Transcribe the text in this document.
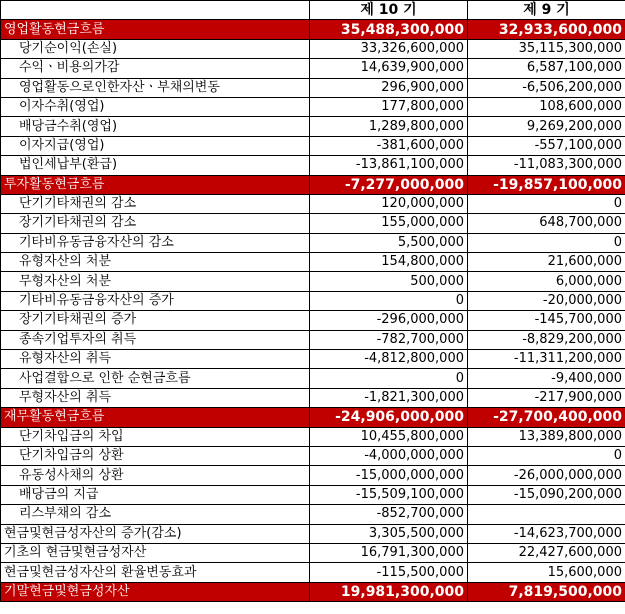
	제 10 기	제 9 기
영업활동현금흐름	35,488,300,000	32,933,600,000
당기순이익(손실)	33,326,600,000	35,115,300,000
수익ㆍ비용의가감	14,639,900,000	6,587,100,000
영업활동으로인한자산ㆍ부채의변동	296,900,000	-6,506,200,000
이자수취(영업)	177,800,000	108,600,000
배당금수취(영업)	1,289,800,000	9,269,200,000
이자지급(영업)	-381,600,000	-557,100,000
법인세납부(환급)	-13,861,100,000	-11,083,300,000
투자활동현금흐름	-7,277,000,000	-19,857,100,000
단기기타채권의 감소	120,000,000	0
장기기타채권의 감소	155,000,000	648,700,000
기타비유동금융자산의 감소	5,500,000	0
유형자산의 처분	154,800,000	21,600,000
무형자산의 처분	500,000	6,000,000
기타비유동금융자산의 증가	0	-20,000,000
장기기타채권의 증가	-296,000,000	-145,700,000
종속기업투자의 취득	-782,700,000	-8,829,200,000
유형자산의 취득	-4,812,800,000	-11,311,200,000
사업결합으로 인한 순현금흐름	0	-9,400,000
무형자산의 취득	-1,821,300,000	-217,900,000
재무활동현금흐름	-24,906,000,000	-27,700,400,000
단기차입금의 차입	10,455,800,000	13,389,800,000
단기차입금의 상환	-4,000,000,000	0
유동성사채의 상환	-15,000,000,000	-26,000,000,000
배당금의 지급	-15,509,100,000	-15,090,200,000
리스부채의 감소	-852,700,000	
현금및현금성자산의 증가(감소)	3,305,500,000	-14,623,700,000
기초의 현금및현금성자산	16,791,300,000	22,427,600,000
현금및현금성자산의 환율변동효과	-115,500,000	15,600,000
기말현금및현금성자산	19,981,300,000	7,819,500,000
